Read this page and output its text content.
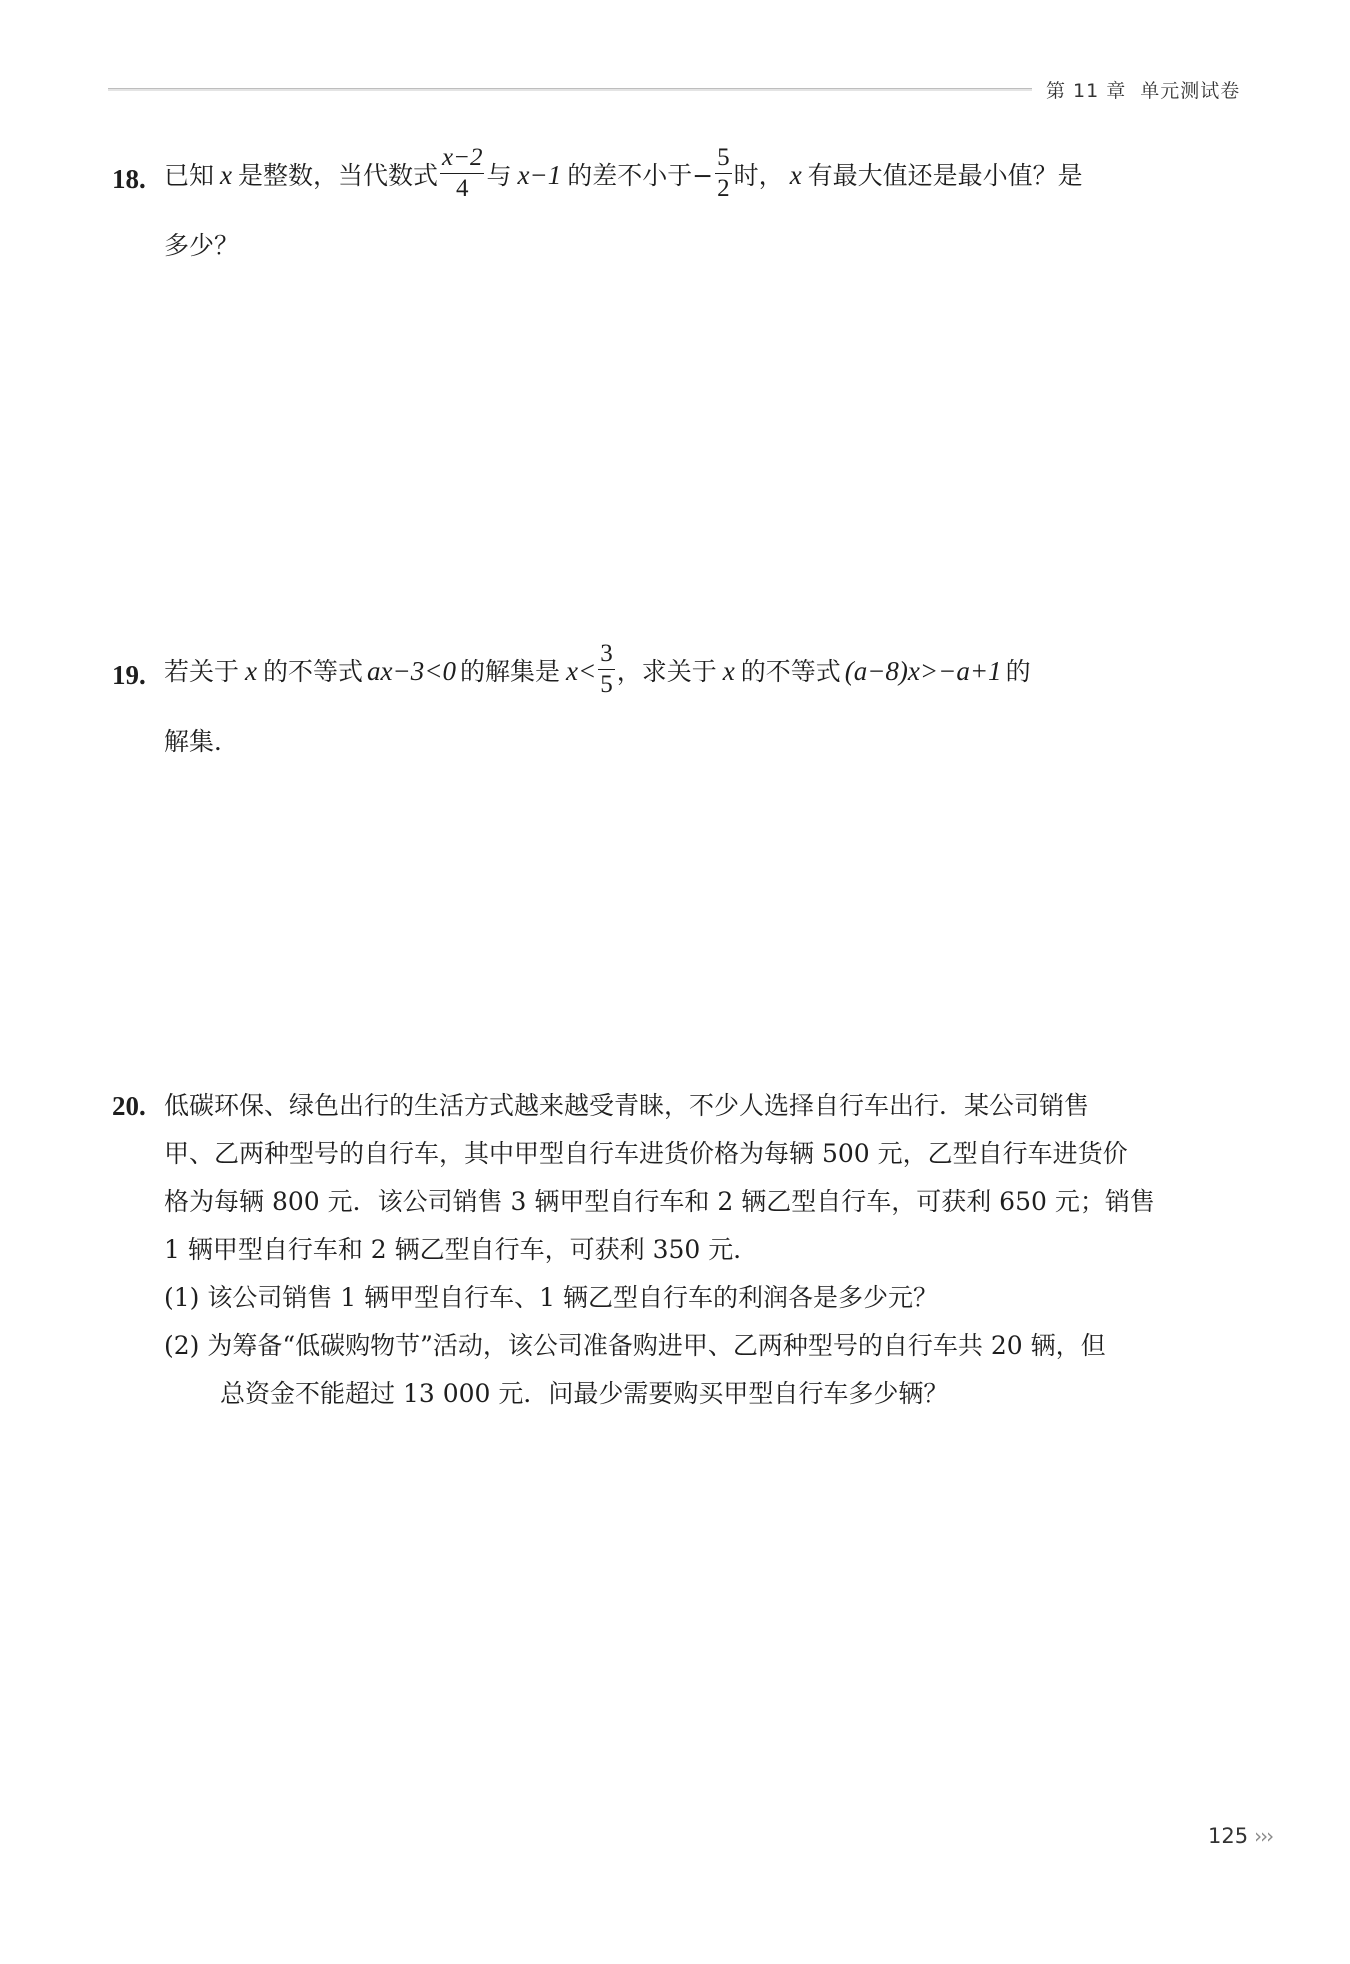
第 11 章 单元测试卷
18. 已知 x 是整数，当代数式 $\frac{x-2}{4}$ 与 x−1 的差不小于− $\frac{5}{2}$ 时， x 有最大值还是最小值？是
多少？
19. 若关于 x 的不等式 ax−3<0 的解集是 $x< \frac{3}{5}$ ，求关于 x 的不等式 (a−8)x>−a+1 的
解集．
20. 低碳环保、绿色出行的生活方式越来越受青睐，不少人选择自行车出行．某公司销售
甲、乙两种型号的自行车，其中甲型自行车进货价格为每辆 500 元，乙型自行车进货价
格为每辆 800 元．该公司销售 3 辆甲型自行车和 2 辆乙型自行车，可获利 650 元；销售
1 辆甲型自行车和 2 辆乙型自行车，可获利 350 元．
(1) 该公司销售 1 辆甲型自行车、1 辆乙型自行车的利润各是多少元？
(2) 为筹备“低碳购物节”活动，该公司准备购进甲、乙两种型号的自行车共 20 辆，但
总资金不能超过 13 000 元．问最少需要购买甲型自行车多少辆？
125 ›››
